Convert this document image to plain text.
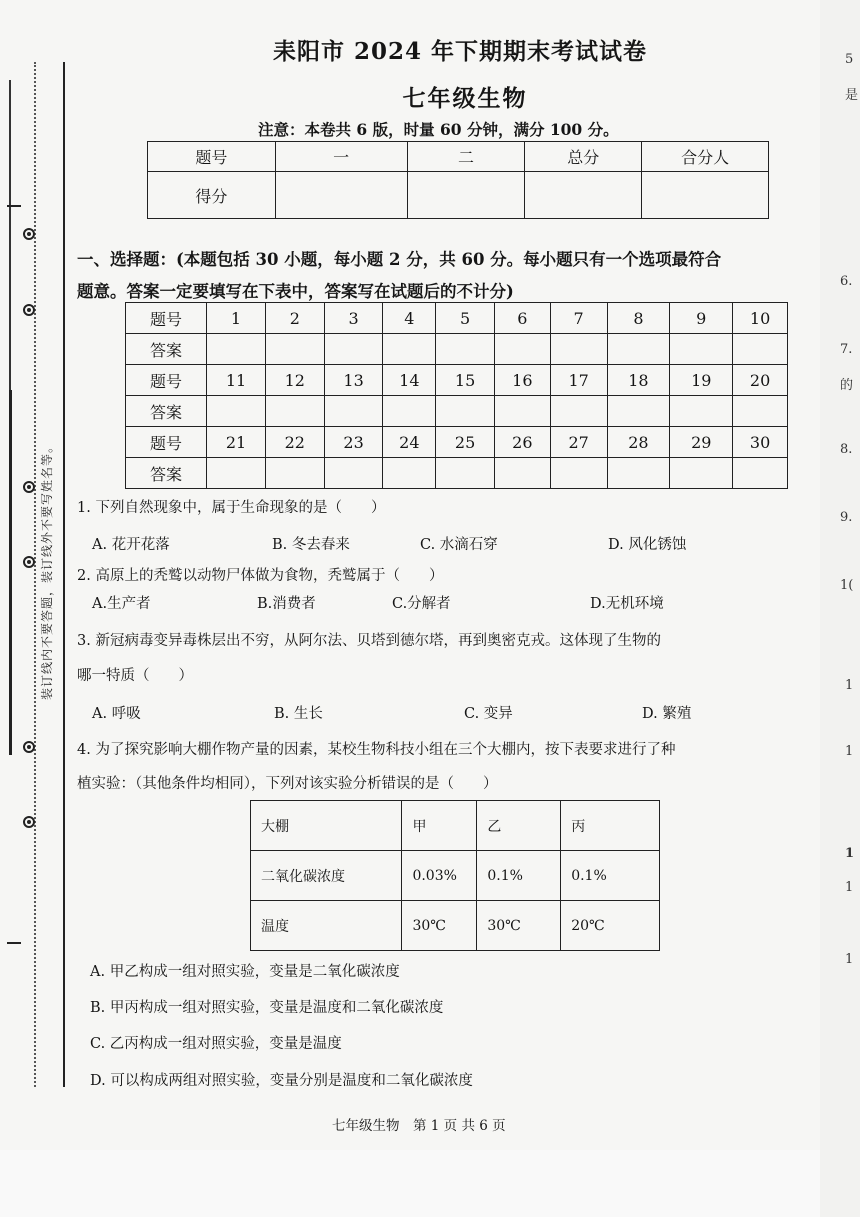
装订线内不要答题，装订线外不要写姓名等。
5
是
6.
7.
的
8.
9.
1(
1
1
1
1
1
耒阳市 2024 年下期期末考试试卷
七年级生物
注意：本卷共 6 版，时量 60 分钟，满分 100 分。
题号	一	二	总分	合分人
得分				
一、选择题：(本题包括 30 小题，每小题 2 分，共 60 分。每小题只有一个选项最符合
题意。答案一定要填写在下表中，答案写在试题后的不计分)
题号	1	2	3	4	5	6	7	8	9	10
答案										
题号	11	12	13	14	15	16	17	18	19	20
答案										
题号	21	22	23	24	25	26	27	28	29	30
答案										
1. 下列自然现象中，属于生命现象的是（　　）
A. 花开花落	B. 冬去春来	C. 水滴石穿	D. 风化锈蚀
2. 高原上的秃鹫以动物尸体做为食物，秃鹫属于（　　）
A.生产者	B.消费者	C.分解者	D.无机环境
3. 新冠病毒变异毒株层出不穷，从阿尔法、贝塔到德尔塔，再到奥密克戎。这体现了生物的
哪一特质（　　）
A. 呼吸	B. 生长	C. 变异	D. 繁殖
4. 为了探究影响大棚作物产量的因素，某校生物科技小组在三个大棚内，按下表要求进行了种
植实验：（其他条件均相同），下列对该实验分析错误的是（　　）
大棚	甲	乙	丙
二氧化碳浓度	0.03%	0.1%	0.1%
温度	30℃	30℃	20℃
A. 甲乙构成一组对照实验，变量是二氧化碳浓度
B. 甲丙构成一组对照实验，变量是温度和二氧化碳浓度
C. 乙丙构成一组对照实验，变量是温度
D. 可以构成两组对照实验，变量分别是温度和二氧化碳浓度
七年级生物　第 1 页 共 6 页
